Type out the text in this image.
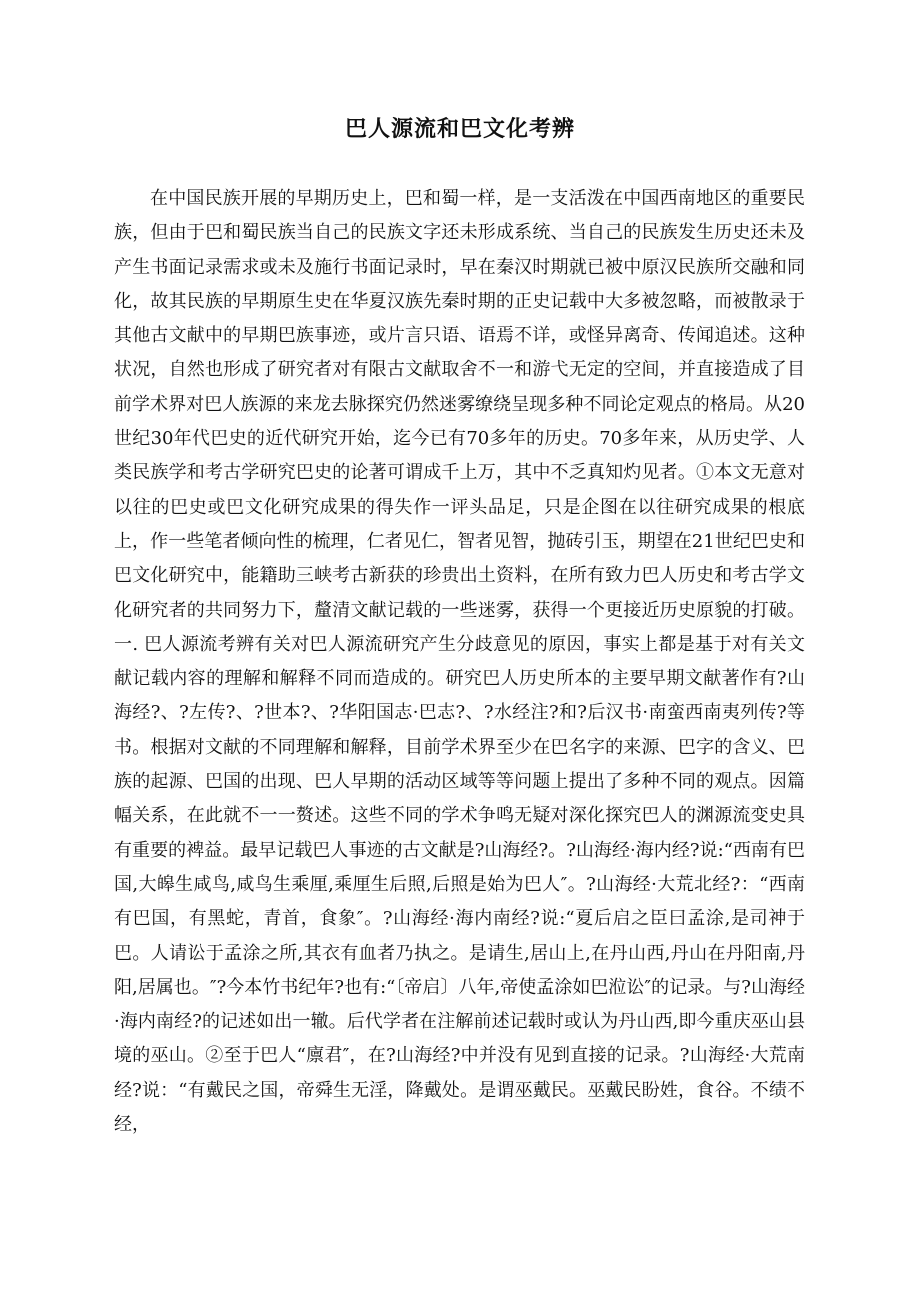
巴人源流和巴文化考辨

在中国民族开展的早期历史上，巴和蜀一样，是一支活泼在中国西南地区的重要民族，但由于巴和蜀民族当自己的民族文字还未形成系统、当自己的民族发生历史还未及产生书面记录需求或未及施行书面记录时，早在秦汉时期就已被中原汉民族所交融和同化，故其民族的早期原生史在华夏汉族先秦时期的正史记载中大多被忽略，而被散录于其他古文献中的早期巴族事迹，或片言只语、语焉不详，或怪异离奇、传闻追述。这种状况，自然也形成了研究者对有限古文献取舍不一和游弋无定的空间，并直接造成了目前学术界对巴人族源的来龙去脉探究仍然迷雾缭绕呈现多种不同论定观点的格局。从20世纪30年代巴史的近代研究开始，迄今已有70多年的历史。70多年来，从历史学、人类民族学和考古学研究巴史的论著可谓成千上万，其中不乏真知灼见者。①本文无意对以往的巴史或巴文化研究成果的得失作一评头品足，只是企图在以往研究成果的根底上，作一些笔者倾向性的梳理，仁者见仁，智者见智，抛砖引玉，期望在21世纪巴史和巴文化研究中，能籍助三峡考古新获的珍贵出土资料，在所有致力巴人历史和考古学文化研究者的共同努力下，釐清文献记载的一些迷雾，获得一个更接近历史原貌的打破。一. 巴人源流考辨有关对巴人源流研究产生分歧意见的原因，事实上都是基于对有关文献记载内容的理解和解释不同而造成的。研究巴人历史所本的主要早期文献著作有?山海经?、?左传?、?世本?、?华阳国志·巴志?、?水经注?和?后汉书·南蛮西南夷列传?等书。根据对文献的不同理解和解释，目前学术界至少在巴名字的来源、巴字的含义、巴族的起源、巴国的出现、巴人早期的活动区域等等问题上提出了多种不同的观点。因篇幅关系，在此就不一一赘述。这些不同的学术争鸣无疑对深化探究巴人的渊源流变史具有重要的裨益。最早记载巴人事迹的古文献是?山海经?。?山海经·海内经?说:“西南有巴国,大皞生咸鸟,咸鸟生乘厘,乘厘生后照,后照是始为巴人″。?山海经·大荒北经?：“西南有巴国，有黑蛇，青首，食象″。?山海经·海内南经?说:“夏后启之臣曰孟涂,是司神于巴。人请讼于孟涂之所,其衣有血者乃执之。是请生,居山上,在丹山西,丹山在丹阳南,丹阳,居属也。″?今本竹书纪年?也有:“〔帝启〕八年,帝使孟涂如巴涖讼″的记录。与?山海经·海内南经?的记述如出一辙。后代学者在注解前述记载时或认为丹山西,即今重庆巫山县境的巫山。②至于巴人“廪君″，在?山海经?中并没有见到直接的记录。?山海经·大荒南经?说：“有戴民之国，帝舜生无淫，降戴处。是谓巫戴民。巫戴民盼姓，食谷。不绩不经，
